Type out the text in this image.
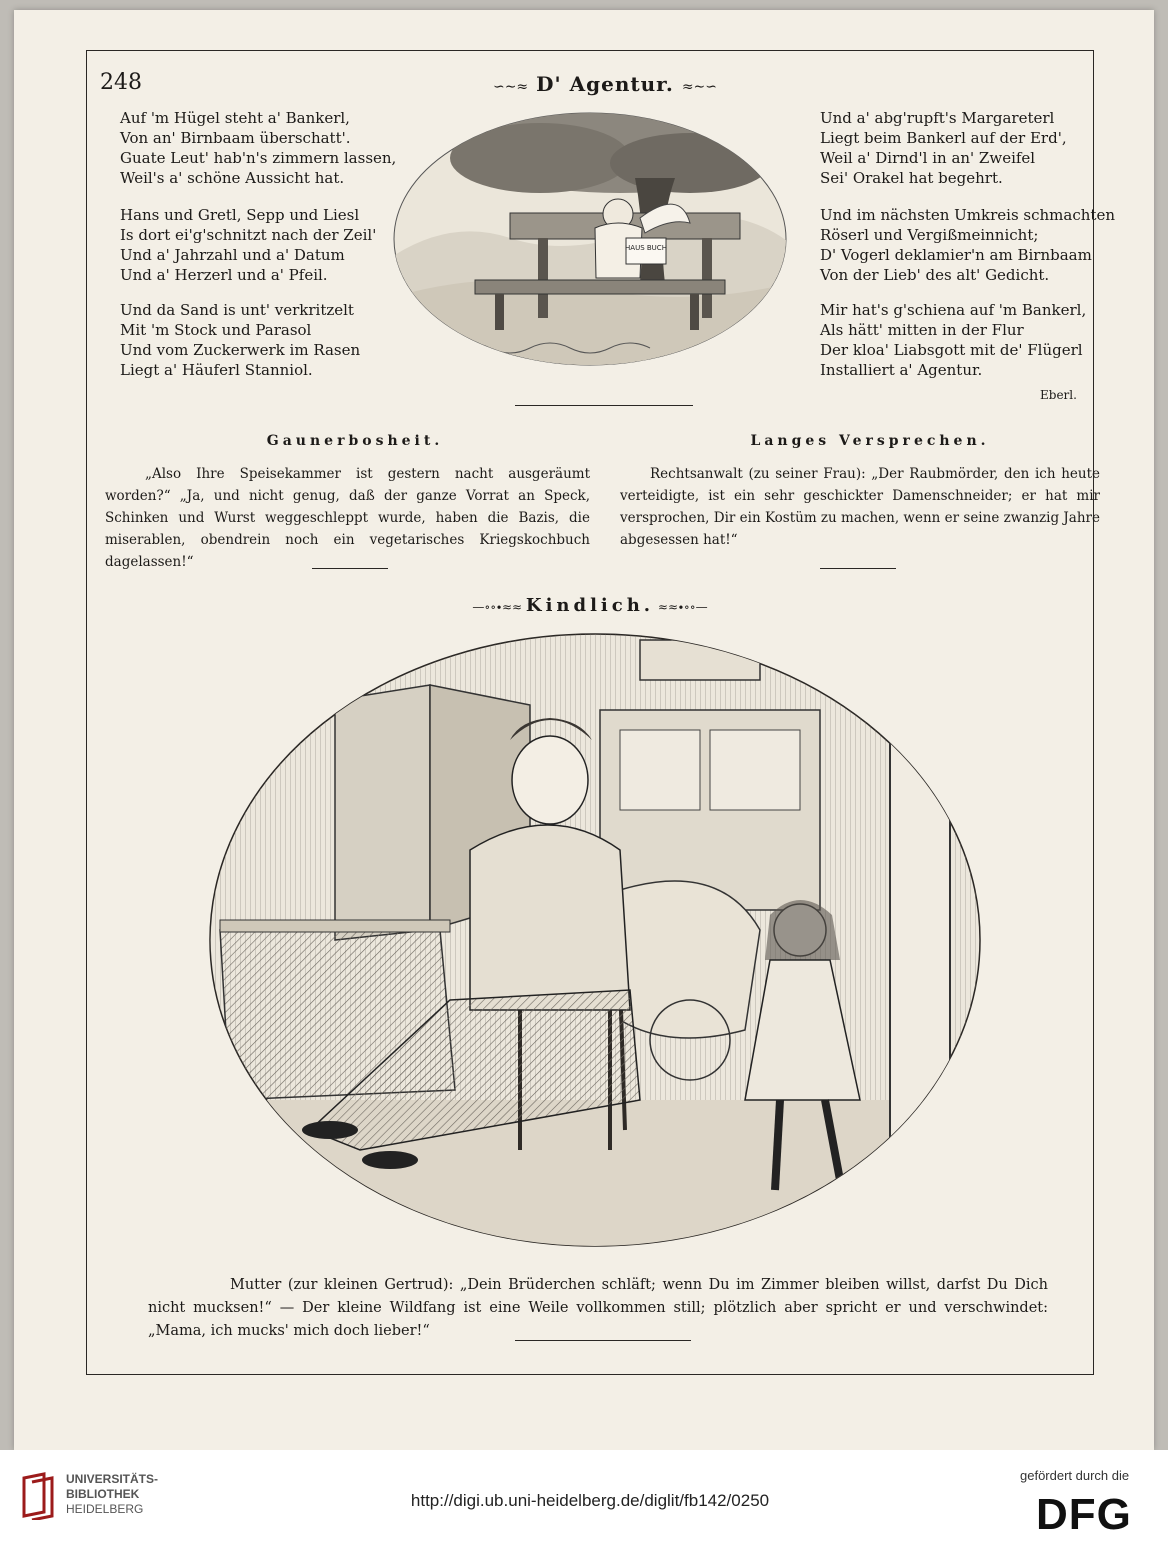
248	∽∼≈ D' Agentur. ≈∼∽
Auf 'm Hügel steht a' Bankerl,
Von an' Birnbaam überschatt'.
Guate Leut' hab'n's zimmern lassen,
Weil's a' schöne Aussicht hat.
Hans und Gretl, Sepp und Liesl
Is dort ei'g'schnitzt nach der Zeil'
Und a' Jahrzahl und a' Datum
Und a' Herzerl und a' Pfeil.
Und da Sand is unt' verkritzelt
Mit 'm Stock und Parasol
Und vom Zuckerwerk im Rasen
Liegt a' Häuferl Stanniol.
Und a' abg'rupft's Margareterl
Liegt beim Bankerl auf der Erd',
Weil a' Dirnd'l in an' Zweifel
Sei' Orakel hat begehrt.
Und im nächsten Umkreis schmachten
Röserl und Vergißmeinnicht;
D' Vogerl deklamier'n am Birnbaam
Von der Lieb' des alt' Gedicht.
Mir hat's g'schiena auf 'm Bankerl,
Als hätt' mitten in der Flur
Der kloa' Liabsgott mit de' Flügerl
Installiert a' Agentur.
Eberl.
HAUS BUCH
Gaunerbosheit.	Langes Versprechen.
„Also Ihre Speisekammer ist gestern nacht ausgeräumt worden?“ „Ja, und nicht genug, daß der ganze Vorrat an Speck, Schinken und Wurst weggeschleppt wurde, haben die Bazis, die miserablen, obendrein noch ein vegetarisches Kriegskochbuch dagelassen!“
Rechtsanwalt (zu seiner Frau): „Der Raubmörder, den ich heute verteidigte, ist ein sehr geschickter Damenschneider; er hat mir versprochen, Dir ein Kostüm zu machen, wenn er seine zwanzig Jahre abgesessen hat!“
—∘∘∙≈≈ Kindlich. ≈≈∙∘∘—
Mutter (zur kleinen Gertrud): „Dein Brüderchen schläft; wenn Du im Zimmer bleiben willst, darfst Du Dich nicht mucksen!“ — Der kleine Wildfang ist eine Weile vollkommen still; plötzlich aber spricht er und verschwindet: „Mama, ich mucks' mich doch lieber!“
UNIVERSITÄTS-
BIBLIOTHEK
HEIDELBERG	http://digi.ub.uni-heidelberg.de/diglit/fb142/0250
gefördert durch die
DFG
